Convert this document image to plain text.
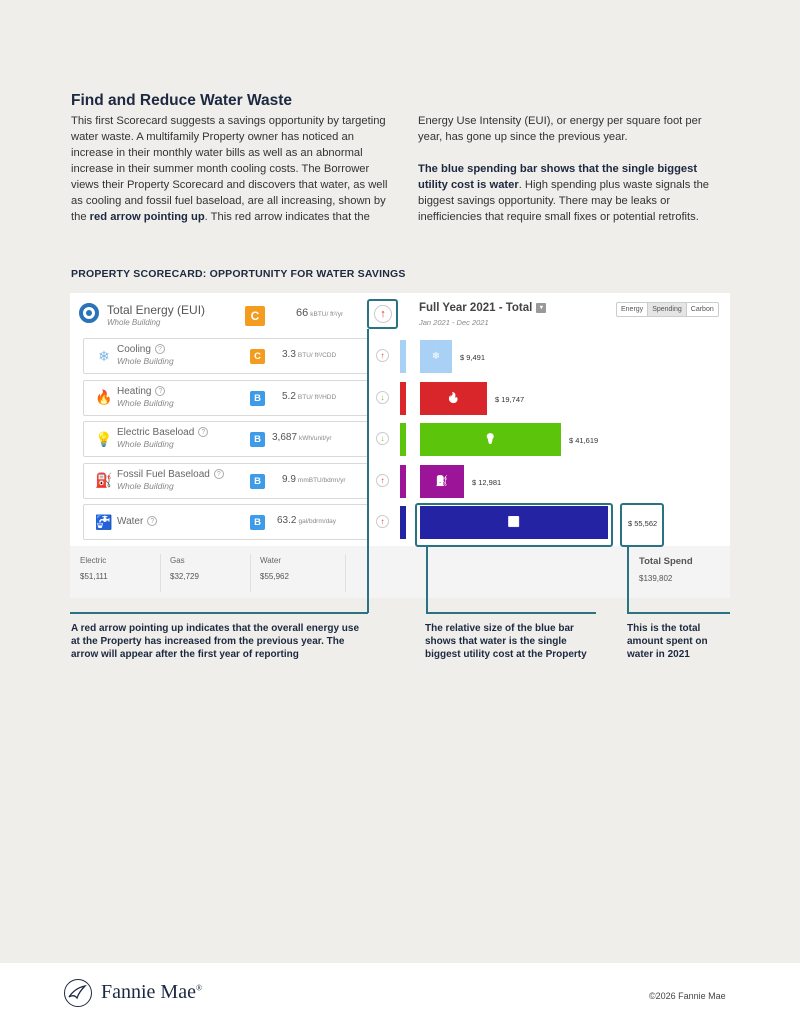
Find and Reduce Water Waste
This first Scorecard suggests a savings opportunity by targeting water waste. A multifamily Property owner has noticed an increase in their monthly water bills as well as an abnormal increase in their summer month cooling costs. The Borrower views their Property Scorecard and discovers that water, as well as cooling and fossil fuel baseload, are all increasing, shown by the red arrow pointing up. This red arrow indicates that the

Energy Use Intensity (EUI), or energy per square foot per year, has gone up since the previous year.

The blue spending bar shows that the single biggest utility cost is water. High spending plus waste signals the biggest savings opportunity. There may be leaks or inefficiencies that require small fixes or potential retrofits.

PROPERTY SCORECARD: OPPORTUNITY FOR WATER SAVINGS
Total Energy (EUI)
Whole Building	C	66 kBTU/ ft²/yr	↑	Full Year 2021 - Total ▾
Jan 2021 - Dec 2021
Energy	Spending	Carbon
❄ Cooling ?
Whole Building	C	3.3 BTU/ ft²/CDD	↑	❄	$ 9,491
🔥 Heating ?
Whole Building	B	5.2 BTU/ ft²/HDD	↓	🔥	$ 19,747
💡 Electric Baseload ?
Whole Building	B	3,687 kWh/unit/yr	↓	💡	$ 41,619
⛽ Fossil Fuel Baseload ?
Whole Building	B	9.9 mmBTU/bdrm/yr	↑	⛽	$ 12,981
🚰 Water ?	B	63.2 gal/bdrm/day	↑	🚰	$ 55,562
Electric
$51,111
Gas
$32,729
Water
$55,962
Total Spend
$139,802
A red arrow pointing up indicates that the overall energy use at the Property has increased from the previous year. The arrow will appear after the first year of reporting
The relative size of the blue bar shows that water is the single biggest utility cost at the Property
This is the total amount spent on water in 2021
Fannie Mae®
©2026 Fannie Mae
